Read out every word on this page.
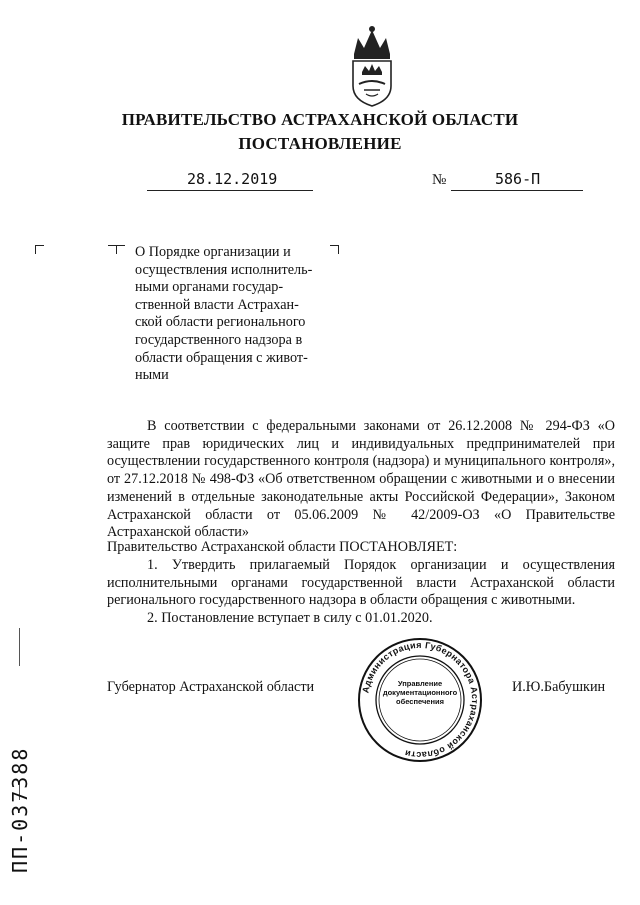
ПРАВИТЕЛЬСТВО АСТРАХАНСКОЙ ОБЛАСТИ
ПОСТАНОВЛЕНИЕ
28.12.2019	№	586-П
О Порядке организации и
осуществления исполнитель-
ными органами государ-
ственной власти Астрахан-
ской области регионального
государственного надзора в
области обращения с живот-
ными
В соответствии с федеральными законами от 26.12.2008 № 294-ФЗ «О защите прав юридических лиц и индивидуальных предпринимателей при осуществлении государственного контроля (надзора) и муниципального контроля», от 27.12.2018 № 498-ФЗ «Об ответственном обращении с животными и о внесении изменений в отдельные законодательные акты Российской Федерации», Законом Астраханской области от 05.06.2009 № 42/2009-ОЗ «О Правительстве Астраханской области»
Правительство Астраханской области ПОСТАНОВЛЯЕТ:
1. Утвердить прилагаемый Порядок организации и осуществления исполнительными органами государственной власти Астраханской области регионального государственного надзора в области обращения с животными.
2. Постановление вступает в силу с 01.01.2020.
Губернатор Астраханской области	И.Ю.Бабушкин
Администрация Губернатора Астраханской области
Управление документационного обеспечения
ПП-037388
